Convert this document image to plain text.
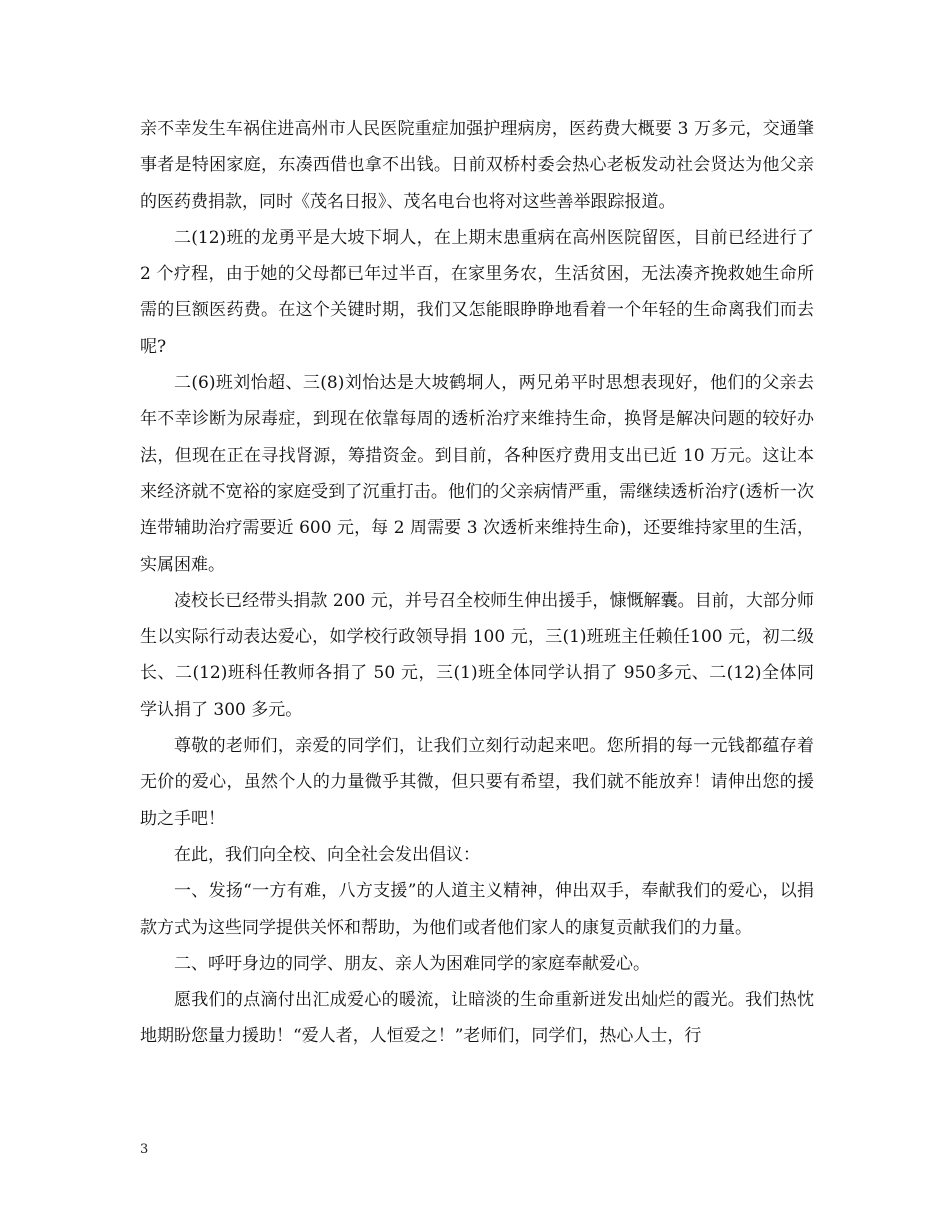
亲不幸发生车祸住进高州市人民医院重症加强护理病房，医药费大概要 3 万多元，交通肇事者是特困家庭，东凑西借也拿不出钱。日前双桥村委会热心老板发动社会贤达为他父亲的医药费捐款，同时《茂名日报》、茂名电台也将对这些善举跟踪报道。

二(12)班的龙勇平是大坡下垌人，在上期末患重病在高州医院留医，目前已经进行了 2 个疗程，由于她的父母都已年过半百，在家里务农，生活贫困，无法凑齐挽救她生命所需的巨额医药费。在这个关键时期，我们又怎能眼睁睁地看着一个年轻的生命离我们而去呢?

二(6)班刘怡超、三(8)刘怡达是大坡鹤垌人，两兄弟平时思想表现好，他们的父亲去年不幸诊断为尿毒症，到现在依靠每周的透析治疗来维持生命，换肾是解决问题的较好办法，但现在正在寻找肾源，筹措资金。到目前，各种医疗费用支出已近 10 万元。这让本来经济就不宽裕的家庭受到了沉重打击。他们的父亲病情严重，需继续透析治疗(透析一次连带辅助治疗需要近 600 元，每 2 周需要 3 次透析来维持生命)，还要维持家里的生活，实属困难。

凌校长已经带头捐款 200 元，并号召全校师生伸出援手，慷慨解囊。目前，大部分师生以实际行动表达爱心，如学校行政领导捐 100 元，三(1)班班主任赖任100 元，初二级长、二(12)班科任教师各捐了 50 元，三(1)班全体同学认捐了 950多元、二(12)全体同学认捐了 300 多元。

尊敬的老师们，亲爱的同学们，让我们立刻行动起来吧。您所捐的每一元钱都蕴存着无价的爱心，虽然个人的力量微乎其微，但只要有希望，我们就不能放弃！请伸出您的援助之手吧！

在此，我们向全校、向全社会发出倡议：

一、发扬“一方有难，八方支援”的人道主义精神，伸出双手，奉献我们的爱心，以捐款方式为这些同学提供关怀和帮助，为他们或者他们家人的康复贡献我们的力量。

二、呼吁身边的同学、朋友、亲人为困难同学的家庭奉献爱心。

愿我们的点滴付出汇成爱心的暖流，让暗淡的生命重新迸发出灿烂的霞光。我们热忱地期盼您量力援助！“爱人者，人恒爱之！”老师们，同学们，热心人士，行

3
